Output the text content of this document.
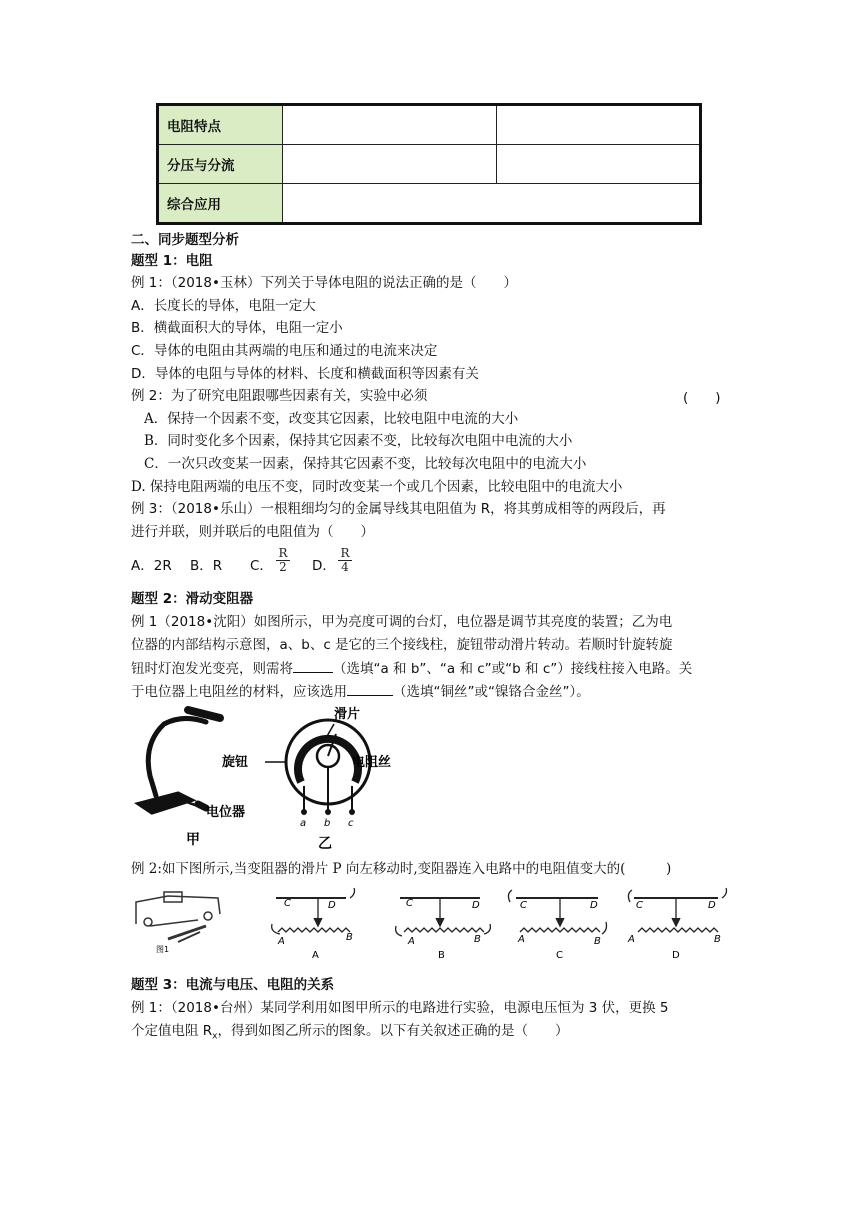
电阻特点		
分压与分流		
综合应用		
二、同步题型分析
题型 1：电阻
例 1：（2018•玉林）下列关于导体电阻的说法正确的是（　　）
A．长度长的导体，电阻一定大
B．横截面积大的导体，电阻一定小
C．导体的电阻由其两端的电压和通过的电流来决定
D．导体的电阻与导体的材料、长度和横截面积等因素有关
例 2：为了研究电阻跟哪些因素有关，实验中必须	(　　)
A．保持一个因素不变，改变其它因素，比较电阻中电流的大小
B．同时变化多个因素，保持其它因素不变，比较每次电阻中电流的大小
C．一次只改变某一因素，保持其它因素不变，比较每次电阻中的电流大小
D. 保持电阻两端的电压不变，同时改变某一个或几个因素，比较电阻中的电流大小
例 3：（2018•乐山）一根粗细均匀的金属导线其电阻值为 R，将其剪成相等的两段后，再
进行并联，则并联后的电阻值为（　　）
A．2R B．R C．
R
2 D．
R
4
题型 2：滑动变阻器
例 1（2018•沈阳）如图所示，甲为亮度可调的台灯，电位器是调节其亮度的装置；乙为电
位器的内部结构示意图，a、b、c 是它的三个接线柱，旋钮带动滑片转动。若顺时针旋转旋
钮时灯泡发光变亮，则需将	（选填“a 和 b”、“a 和 c”或“b 和 c”）接线柱接入电路。关
于电位器上电阻丝的材料，应该选用	（选填“铜丝”或“镍铬合金丝”）。
电位器
甲
旋钮
滑片
电阻丝
a b c
乙
例 2:如下图所示,当变阻器的滑片 P 向左移动时,变阻器连入电路中的电阻值变大的(　　　)
图1
C	D
A	B
A
C	D
A	B
B
C	D
A	B
C
C	D
A	B
D
题型 3：电流与电压、电阻的关系
例 1：（2018•台州）某同学利用如图甲所示的电路进行实验，电源电压恒为 3 伏，更换 5
个定值电阻 $R_x$，得到如图乙所示的图象。以下有关叙述正确的是（　　）
